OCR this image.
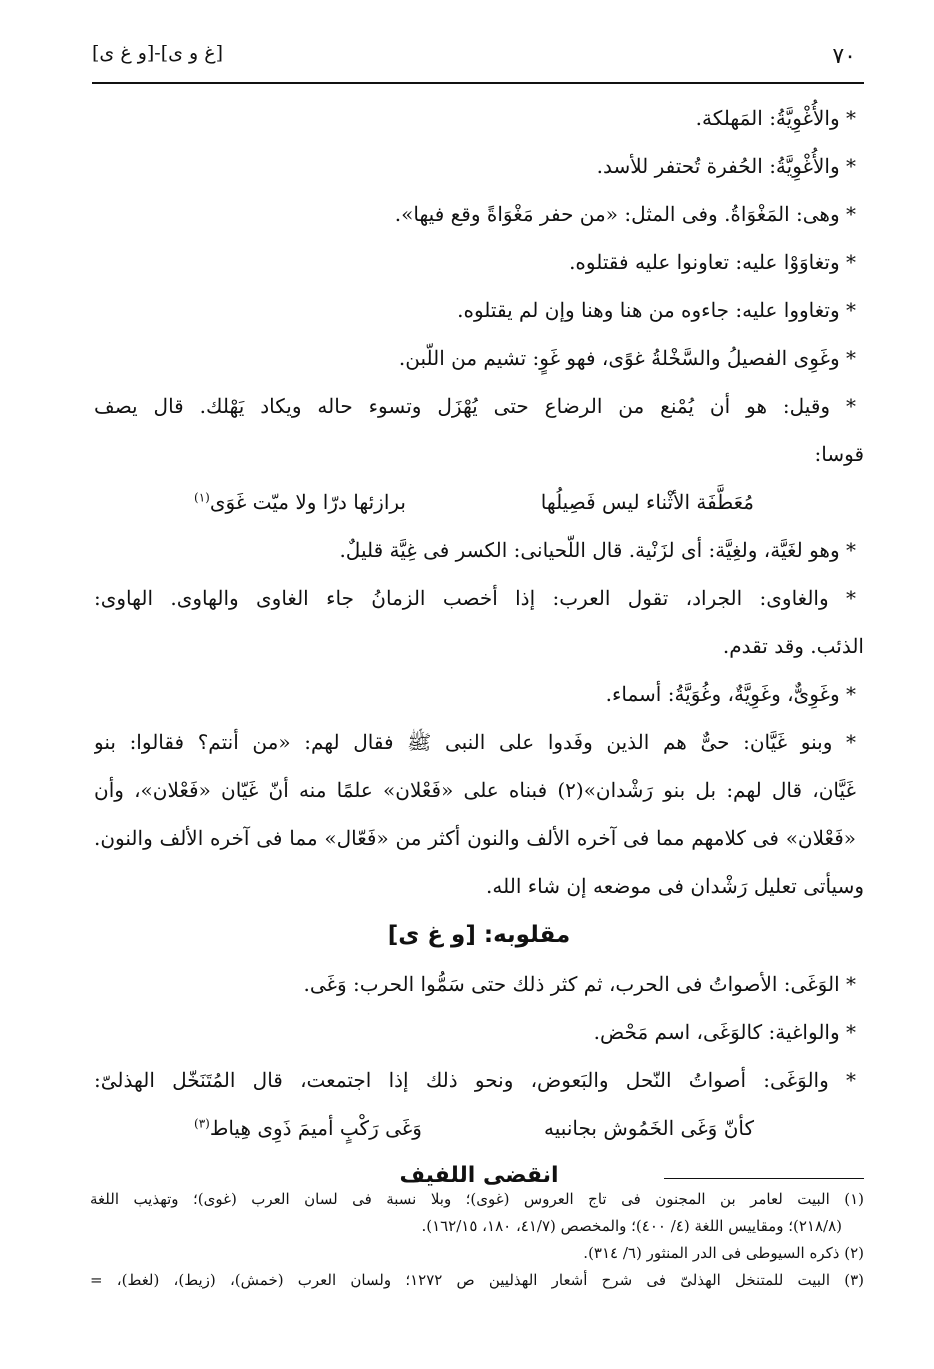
٧٠
[غ و ى]-[و غ ى]
* والأُغْوِيَّةُ: المَهلكة.
* والأُغْوِيَّةُ: الحُفرة تُحتفر للأسد.
* وهى: المَغْوَاةُ. وفى المثل: «من حفر مَغْوَاةً وقع فيها».
* وتغاوَوْا عليه: تعاونوا عليه فقتلوه.
* وتغاووا عليه: جاءوه من هنا وهنا وإن لم يقتلوه.
* وغَوِى الفصيلُ والسَّخْلةُ غوًى، فهو غَوٍ: تشيم من اللّبن.
* وقيل: هو أن يُمْنع من الرضاع حتى يُهْزَل وتسوء حاله ويكاد يَهْلك. قال يصف
قوسا:
مُعَطَّفَة الأثْناء ليس فَصِيلُها
برازئها درّا ولا ميّت غَوَى$^{(١)}$
* وهو لغَيَّة، ولغِيَّة: أى لزَنْية. قال اللّحيانى: الكسر فى غِيَّة قليلٌ.
* والغاوى: الجراد، تقول العرب: إذا أخصب الزمانُ جاء الغاوى والهاوى. الهاوى:
الذئب. وقد تقدم.
* وغَوِىٌّ، وغَوِيَّةٌ، وغُوَيَّةُ: أسماء.
* وبنو غَيَّان: حىٌّ هم الذين وفَدوا على النبى ﷺ فقال لهم: «من أنتم؟ فقالوا: بنو
غَيَّان، قال لهم: بل بنو رَشْدان»(٢) فبناه على «فَعْلان» علمًا منه أنّ غَيّان «فَعْلان»، وأن
«فَعْلان» فى كلامهم مما فى آخره الألف والنون أكثر من «فَعّال» مما فى آخره الألف والنون.
وسيأتى تعليل رَشْدان فى موضعه إن شاء الله.
مقلوبه: [و غ ى]
* الوَغَى: الأصواتُ فى الحرب، ثم كثر ذلك حتى سَمُّوا الحرب: وَغَى.
* والواغية: كالوَغَى، اسم مَحْض.
* والوَغَى: أصواتُ النّحل والبَعوض، ونحو ذلك إذا اجتمعت، قال المُتَنَخّل الهذلىّ:
كأنّ وَغَى الخَمُوش بجانبيه
وَغَى رَكْبٍ أميمَ ذَوِى هِياط$^{(٣)}$
انقضى اللفيف
(١) البيت لعامر بن المجنون فى تاج العروس (غوى)؛ وبلا نسبة فى لسان العرب (غوى)؛ وتهذيب اللغة
(٢١٨/٨)؛ ومقاييس اللغة (٤/ ٤٠٠)؛ والمخصص (٤١/٧، ١٨٠، ١٦٢/١٥).
(٢) ذكره السيوطى فى الدر المنثور (٦/ ٣١٤).
(٣) البيت للمتنخل الهذلىّ فى شرح أشعار الهذليين ص ١٢٧٢؛ ولسان العرب (خمش)، (زيط)، (لغط)، =
